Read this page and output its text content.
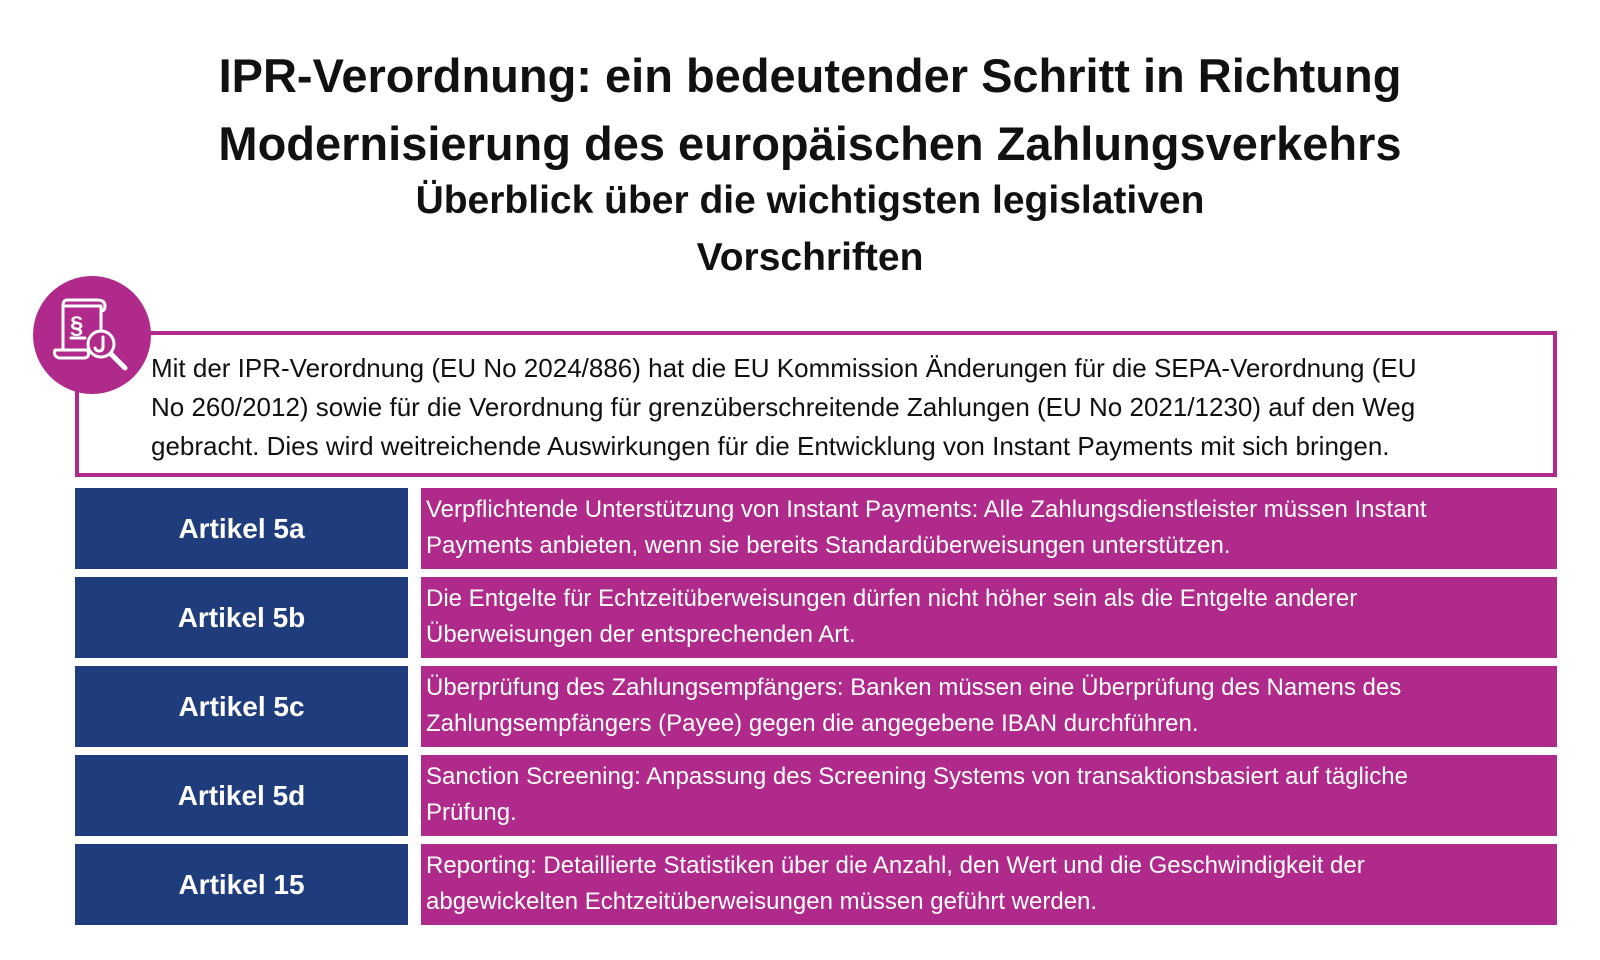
IPR-Verordnung: ein bedeutender Schritt in Richtung
Modernisierung des europäischen Zahlungsverkehrs
Überblick über die wichtigsten legislativen
Vorschriften
Mit der IPR-Verordnung (EU No 2024/886) hat die EU Kommission Änderungen für die SEPA-Verordnung (EU
No 260/2012) sowie für die Verordnung für grenzüberschreitende Zahlungen (EU No 2021/1230) auf den Weg
gebracht. Dies wird weitreichende Auswirkungen für die Entwicklung von Instant Payments mit sich bringen.
§
Artikel 5a
Verpflichtende Unterstützung von Instant Payments: Alle Zahlungsdienstleister müssen Instant
Payments anbieten, wenn sie bereits Standardüberweisungen unterstützen.
Artikel 5b
Die Entgelte für Echtzeitüberweisungen dürfen nicht höher sein als die Entgelte anderer
Überweisungen der entsprechenden Art.
Artikel 5c
Überprüfung des Zahlungsempfängers: Banken müssen eine Überprüfung des Namens des
Zahlungsempfängers (Payee) gegen die angegebene IBAN durchführen.
Artikel 5d
Sanction Screening: Anpassung des Screening Systems von transaktionsbasiert auf tägliche
Prüfung.
Artikel 15
Reporting: Detaillierte Statistiken über die Anzahl, den Wert und die Geschwindigkeit der
abgewickelten Echtzeitüberweisungen müssen geführt werden.
